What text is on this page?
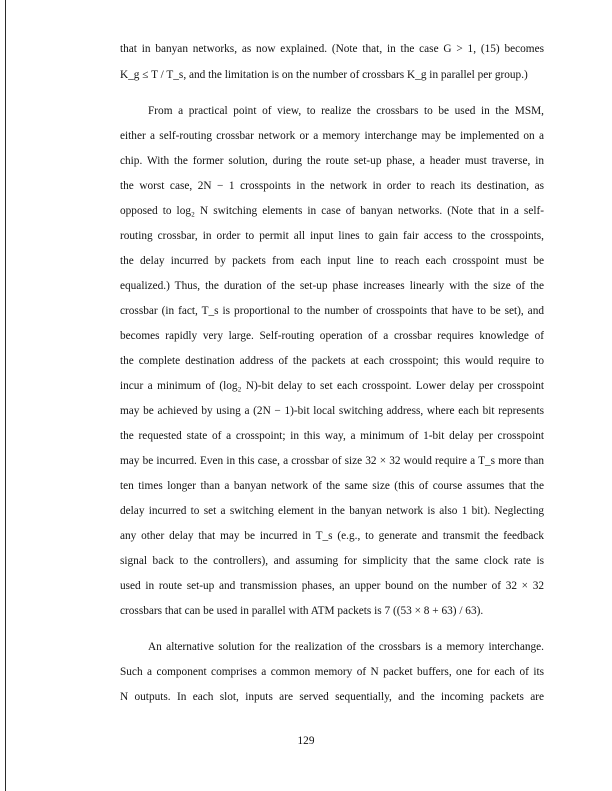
that in banyan networks, as now explained. (Note that, in the case G > 1, (15) becomes
K_g ≤ T / T_s, and the limitation is on the number of crossbars K_g in parallel per group.)
From a practical point of view, to realize the crossbars to be used in the MSM,
either a self-routing crossbar network or a memory interchange may be implemented on a
chip. With the former solution, during the route set-up phase, a header must traverse, in
the worst case, 2N − 1 crosspoints in the network in order to reach its destination, as
opposed to log₂ N switching elements in case of banyan networks. (Note that in a self-
routing crossbar, in order to permit all input lines to gain fair access to the crosspoints,
the delay incurred by packets from each input line to reach each crosspoint must be
equalized.) Thus, the duration of the set-up phase increases linearly with the size of the
crossbar (in fact, T_s is proportional to the number of crosspoints that have to be set), and
becomes rapidly very large. Self-routing operation of a crossbar requires knowledge of
the complete destination address of the packets at each crosspoint; this would require to
incur a minimum of (log₂ N)-bit delay to set each crosspoint. Lower delay per crosspoint
may be achieved by using a (2N − 1)-bit local switching address, where each bit represents
the requested state of a crosspoint; in this way, a minimum of 1-bit delay per crosspoint
may be incurred. Even in this case, a crossbar of size 32 × 32 would require a T_s more than
ten times longer than a banyan network of the same size (this of course assumes that the
delay incurred to set a switching element in the banyan network is also 1 bit). Neglecting
any other delay that may be incurred in T_s (e.g., to generate and transmit the feedback
signal back to the controllers), and assuming for simplicity that the same clock rate is
used in route set-up and transmission phases, an upper bound on the number of 32 × 32
crossbars that can be used in parallel with ATM packets is 7 ((53 × 8 + 63) / 63).
An alternative solution for the realization of the crossbars is a memory interchange.
Such a component comprises a common memory of N packet buffers, one for each of its
N outputs. In each slot, inputs are served sequentially, and the incoming packets are
129
